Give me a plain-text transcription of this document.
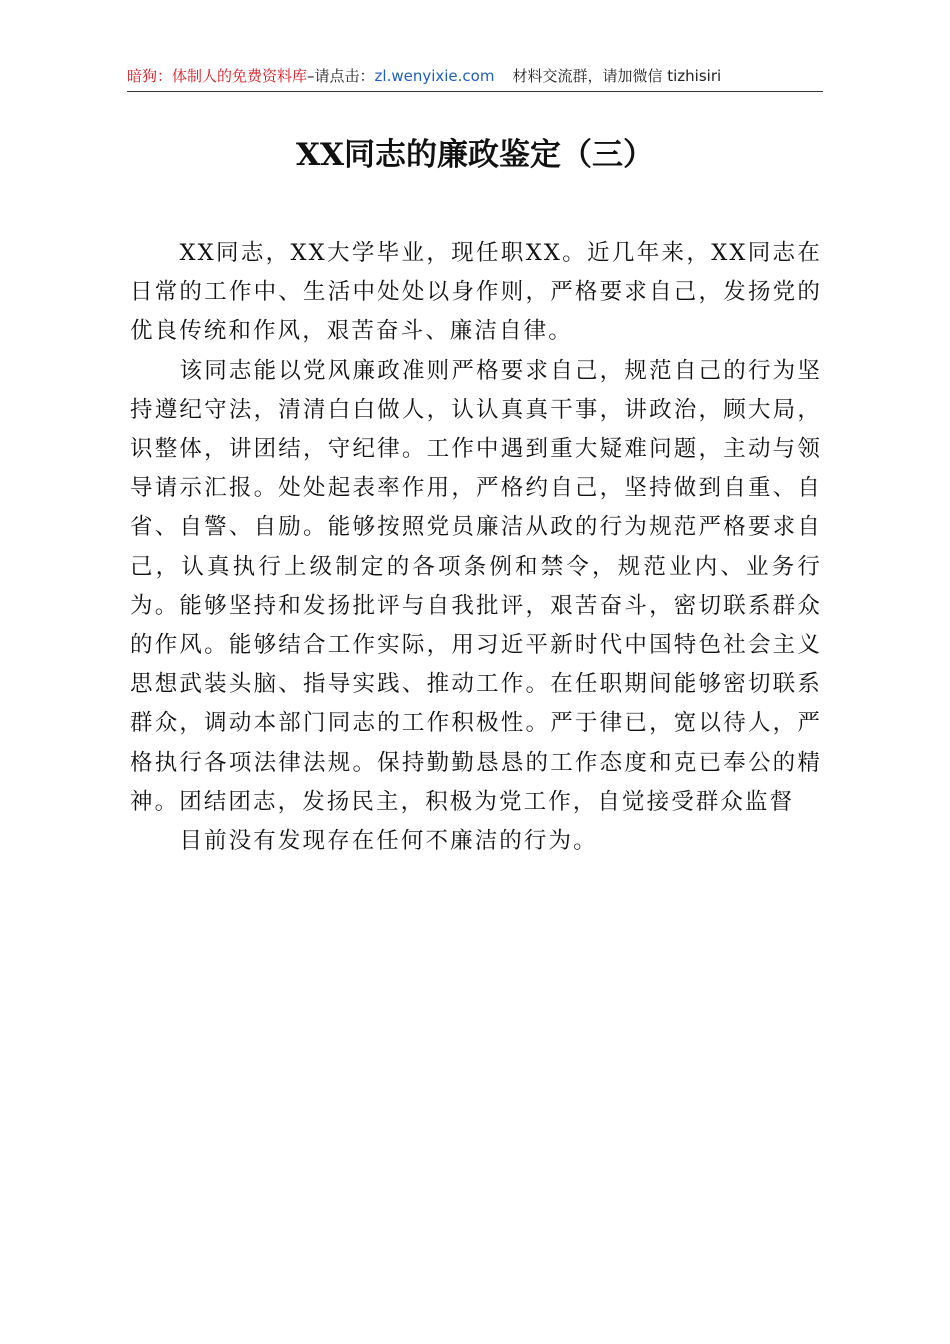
暗狗：体制人的免费资料库–请点击：zl.wenyixie.com 材料交流群，请加微信 tizhisiri
XX同志的廉政鉴定（三）

XX同志，XX大学毕业，现任职XX。近几年来，XX同志在日常的工作中、生活中处处以身作则，严格要求自己，发扬党的优良传统和作风，艰苦奋斗、廉洁自律。

该同志能以党风廉政准则严格要求自己，规范自己的行为坚持遵纪守法，清清白白做人，认认真真干事，讲政治，顾大局，识整体，讲团结，守纪律。工作中遇到重大疑难问题，主动与领导请示汇报。处处起表率作用，严格约自己，坚持做到自重、自省、自警、自励。能够按照党员廉洁从政的行为规范严格要求自己，认真执行上级制定的各项条例和禁令，规范业内、业务行为。能够坚持和发扬批评与自我批评，艰苦奋斗，密切联系群众的作风。能够结合工作实际，用习近平新时代中国特色社会主义思想武装头脑、指导实践、推动工作。在任职期间能够密切联系群众，调动本部门同志的工作积极性。严于律已，宽以待人，严格执行各项法律法规。保持勤勤恳恳的工作态度和克已奉公的精神。团结团志，发扬民主，积极为党工作，自觉接受群众监督

目前没有发现存在任何不廉洁的行为。
